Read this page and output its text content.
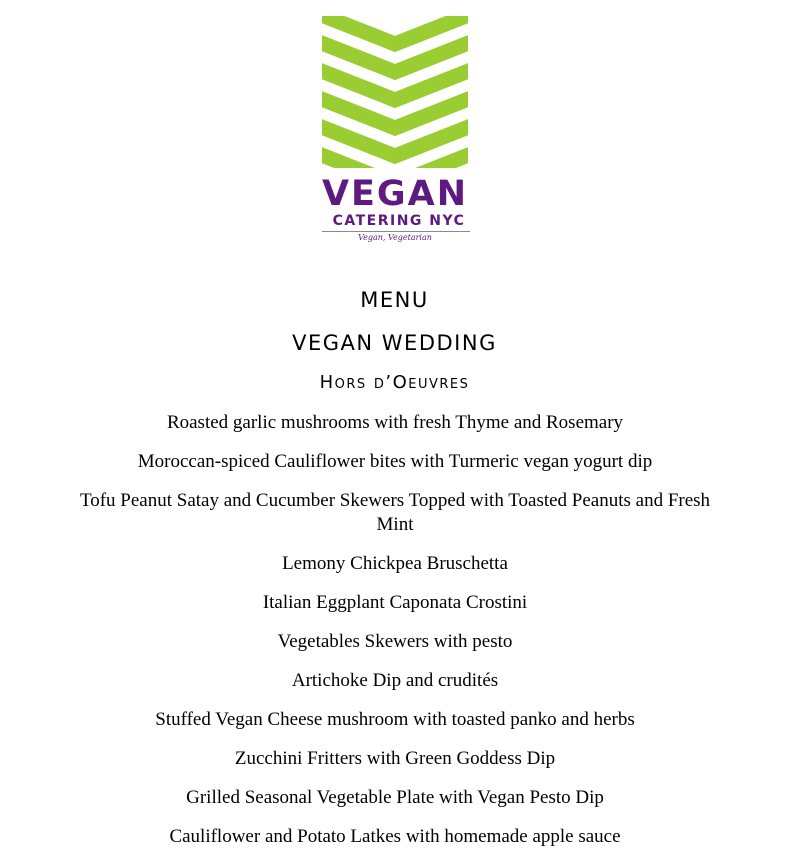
VEGAN
CATERING NYC
Vegan, Vegetarian
MENU
VEGAN WEDDING
Hors d’Oeuvres
Roasted garlic mushrooms with fresh Thyme and Rosemary
Moroccan-spiced Cauliflower bites with Turmeric vegan yogurt dip
Tofu Peanut Satay and Cucumber Skewers Topped with Toasted Peanuts and Fresh Mint
Lemony Chickpea Bruschetta
Italian Eggplant Caponata Crostini
Vegetables Skewers with pesto
Artichoke Dip and crudités
Stuffed Vegan Cheese mushroom with toasted panko and herbs
Zucchini Fritters with Green Goddess Dip
Grilled Seasonal Vegetable Plate with Vegan Pesto Dip
Cauliflower and Potato Latkes with homemade apple sauce
